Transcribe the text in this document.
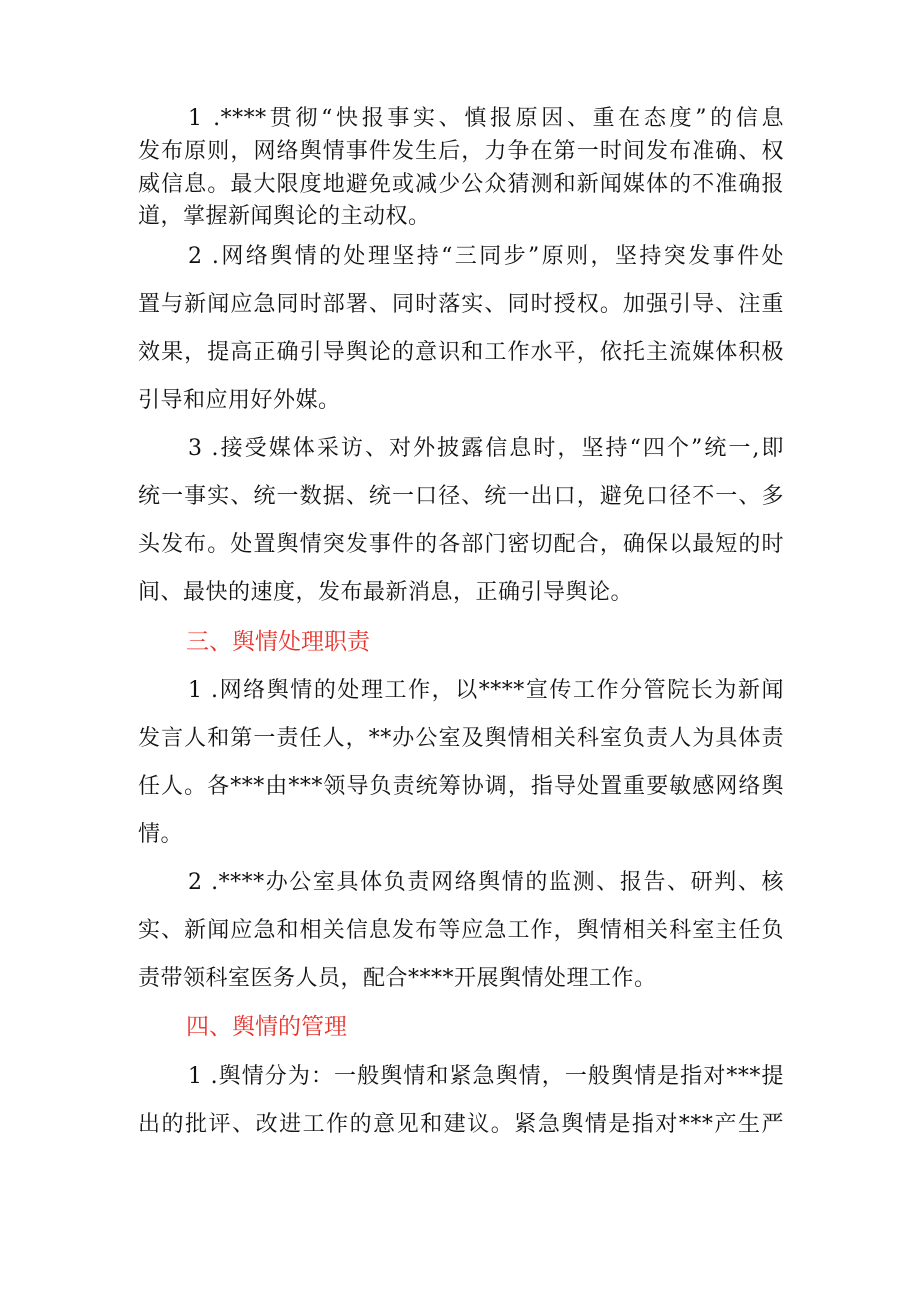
1 .****贯彻“快报事实、慎报原因、重在态度”的信息
发布原则，网络舆情事件发生后，力争在第一时间发布准确、权
威信息。最大限度地避免或减少公众猜测和新闻媒体的不准确报
道，掌握新闻舆论的主动权。
2 .网络舆情的处理坚持“三同步”原则，坚持突发事件处
置与新闻应急同时部署、同时落实、同时授权。加强引导、注重
效果，提高正确引导舆论的意识和工作水平，依托主流媒体积极
引导和应用好外媒。
3 .接受媒体采访、对外披露信息时，坚持“四个”统一,即
统一事实、统一数据、统一口径、统一出口，避免口径不一、多
头发布。处置舆情突发事件的各部门密切配合，确保以最短的时
间、最快的速度，发布最新消息，正确引导舆论。
三、舆情处理职责
1 .网络舆情的处理工作，以****宣传工作分管院长为新闻
发言人和第一责任人，**办公室及舆情相关科室负责人为具体责
任人。各***由***领导负责统筹协调，指导处置重要敏感网络舆
情。
2 .****办公室具体负责网络舆情的监测、报告、研判、核
实、新闻应急和相关信息发布等应急工作，舆情相关科室主任负
责带领科室医务人员，配合****开展舆情处理工作。
四、舆情的管理
1 .舆情分为：一般舆情和紧急舆情，一般舆情是指对***提
出的批评、改进工作的意见和建议。紧急舆情是指对***产生严
